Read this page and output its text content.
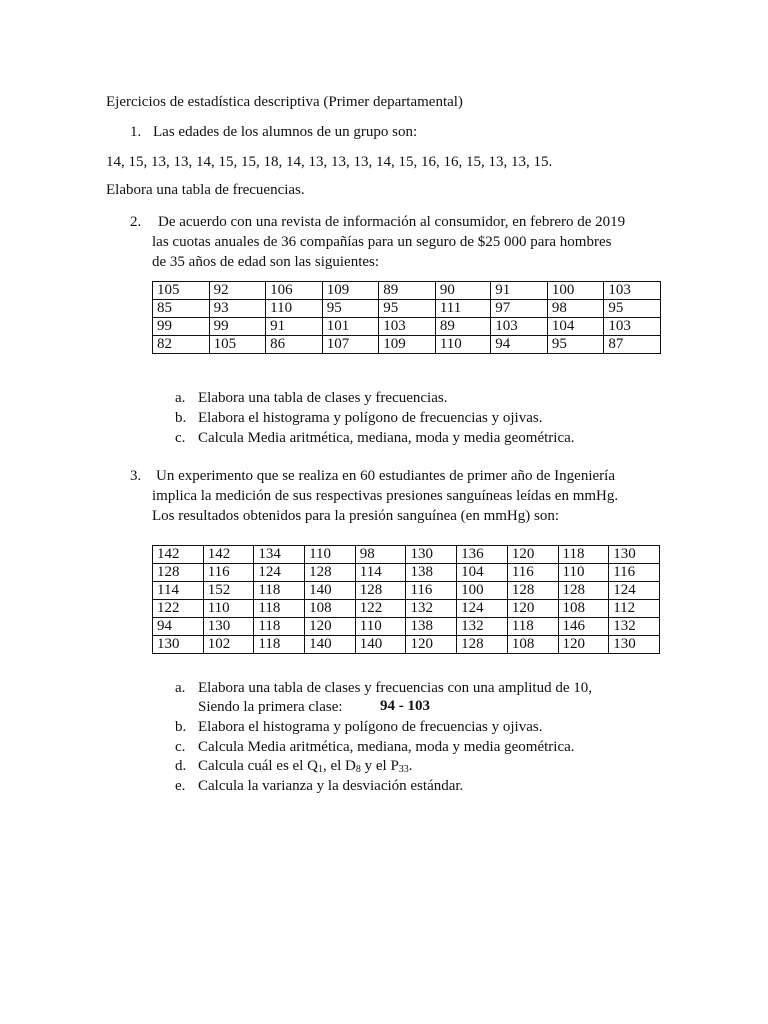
Ejercicios de estadística descriptiva (Primer departamental)
1. Las edades de los alumnos de un grupo son:
14, 15, 13, 13, 14, 15, 15, 18, 14, 13, 13, 13, 14, 15, 16, 16, 15, 13, 13, 15.
Elabora una tabla de frecuencias.
2. De acuerdo con una revista de información al consumidor, en febrero de 2019
las cuotas anuales de 36 compañías para un seguro de $25 000 para hombres
de 35 años de edad son las siguientes:
105	92	106	109	89	90	91	100	103
85	93	110	95	95	111	97	98	95
99	99	91	101	103	89	103	104	103
82	105	86	107	109	110	94	95	87
a. Elabora una tabla de clases y frecuencias.
b. Elabora el histograma y polígono de frecuencias y ojivas.
c. Calcula Media aritmética, mediana, moda y media geométrica.
3. Un experimento que se realiza en 60 estudiantes de primer año de Ingeniería
implica la medición de sus respectivas presiones sanguíneas leídas en mmHg.
Los resultados obtenidos para la presión sanguínea (en mmHg) son:
142	142	134	110	98	130	136	120	118	130
128	116	124	128	114	138	104	116	110	116
114	152	118	140	128	116	100	128	128	124
122	110	118	108	122	132	124	120	108	112
94	130	118	120	110	138	132	118	146	132
130	102	118	140	140	120	128	108	120	130
a. Elabora una tabla de clases y frecuencias con una amplitud de 10,
Siendo la primera clase: 94 - 103
b. Elabora el histograma y polígono de frecuencias y ojivas.
c. Calcula Media aritmética, mediana, moda y media geométrica.
d. Calcula cuál es el $Q_1$, el $D_8$ y el $P_{33}$.
e. Calcula la varianza y la desviación estándar.
